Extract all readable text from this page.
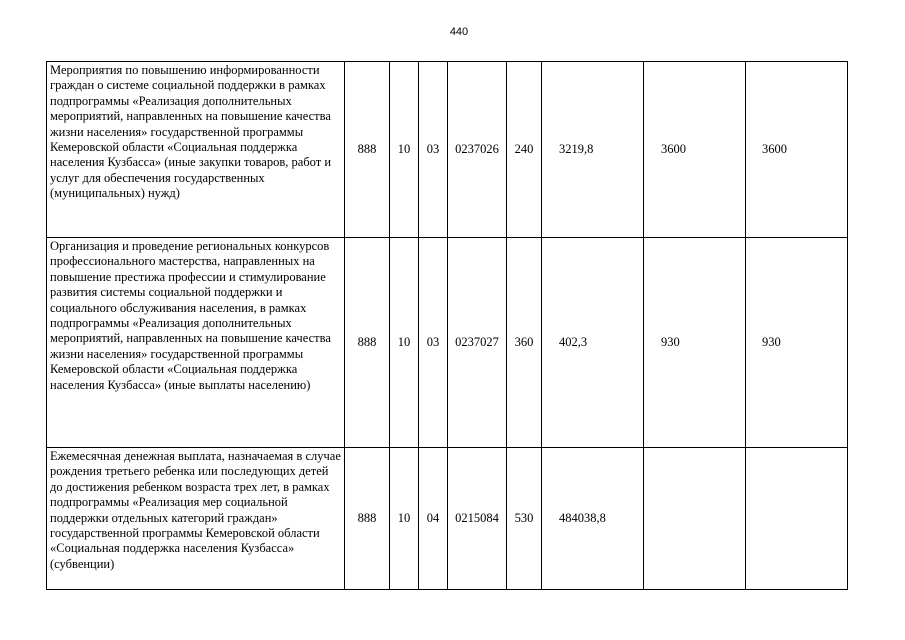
440
Мероприятия по повышению информированности граждан о системе социальной поддержки в рамках подпрограммы «Реализация дополнительных мероприятий, направленных на повышение качества жизни населения» государственной программы Кемеровской области «Социальная поддержка населения Кузбасса» (иные закупки товаров, работ и услуг для обеспечения государственных (муниципальных) нужд)	888	10	03	0237026	240	3219,8	3600	3600
Организация и проведение региональных конкурсов профессионального мастерства, направленных на повышение престижа профессии и стимулирование развития системы социальной поддержки и социального обслуживания населения, в рамках подпрограммы «Реализация дополнительных мероприятий, направленных на повышение качества жизни населения» государственной программы Кемеровской области «Социальная поддержка населения Кузбасса» (иные выплаты населению)	888	10	03	0237027	360	402,3	930	930
Ежемесячная денежная выплата, назначаемая в случае рождения третьего ребенка или последующих детей до достижения ребенком возраста трех лет, в рамках подпрограммы «Реализация мер социальной поддержки отдельных категорий граждан» государственной программы Кемеровской области «Социальная поддержка населения Кузбасса» (субвенции)	888	10	04	0215084	530	484038,8		
